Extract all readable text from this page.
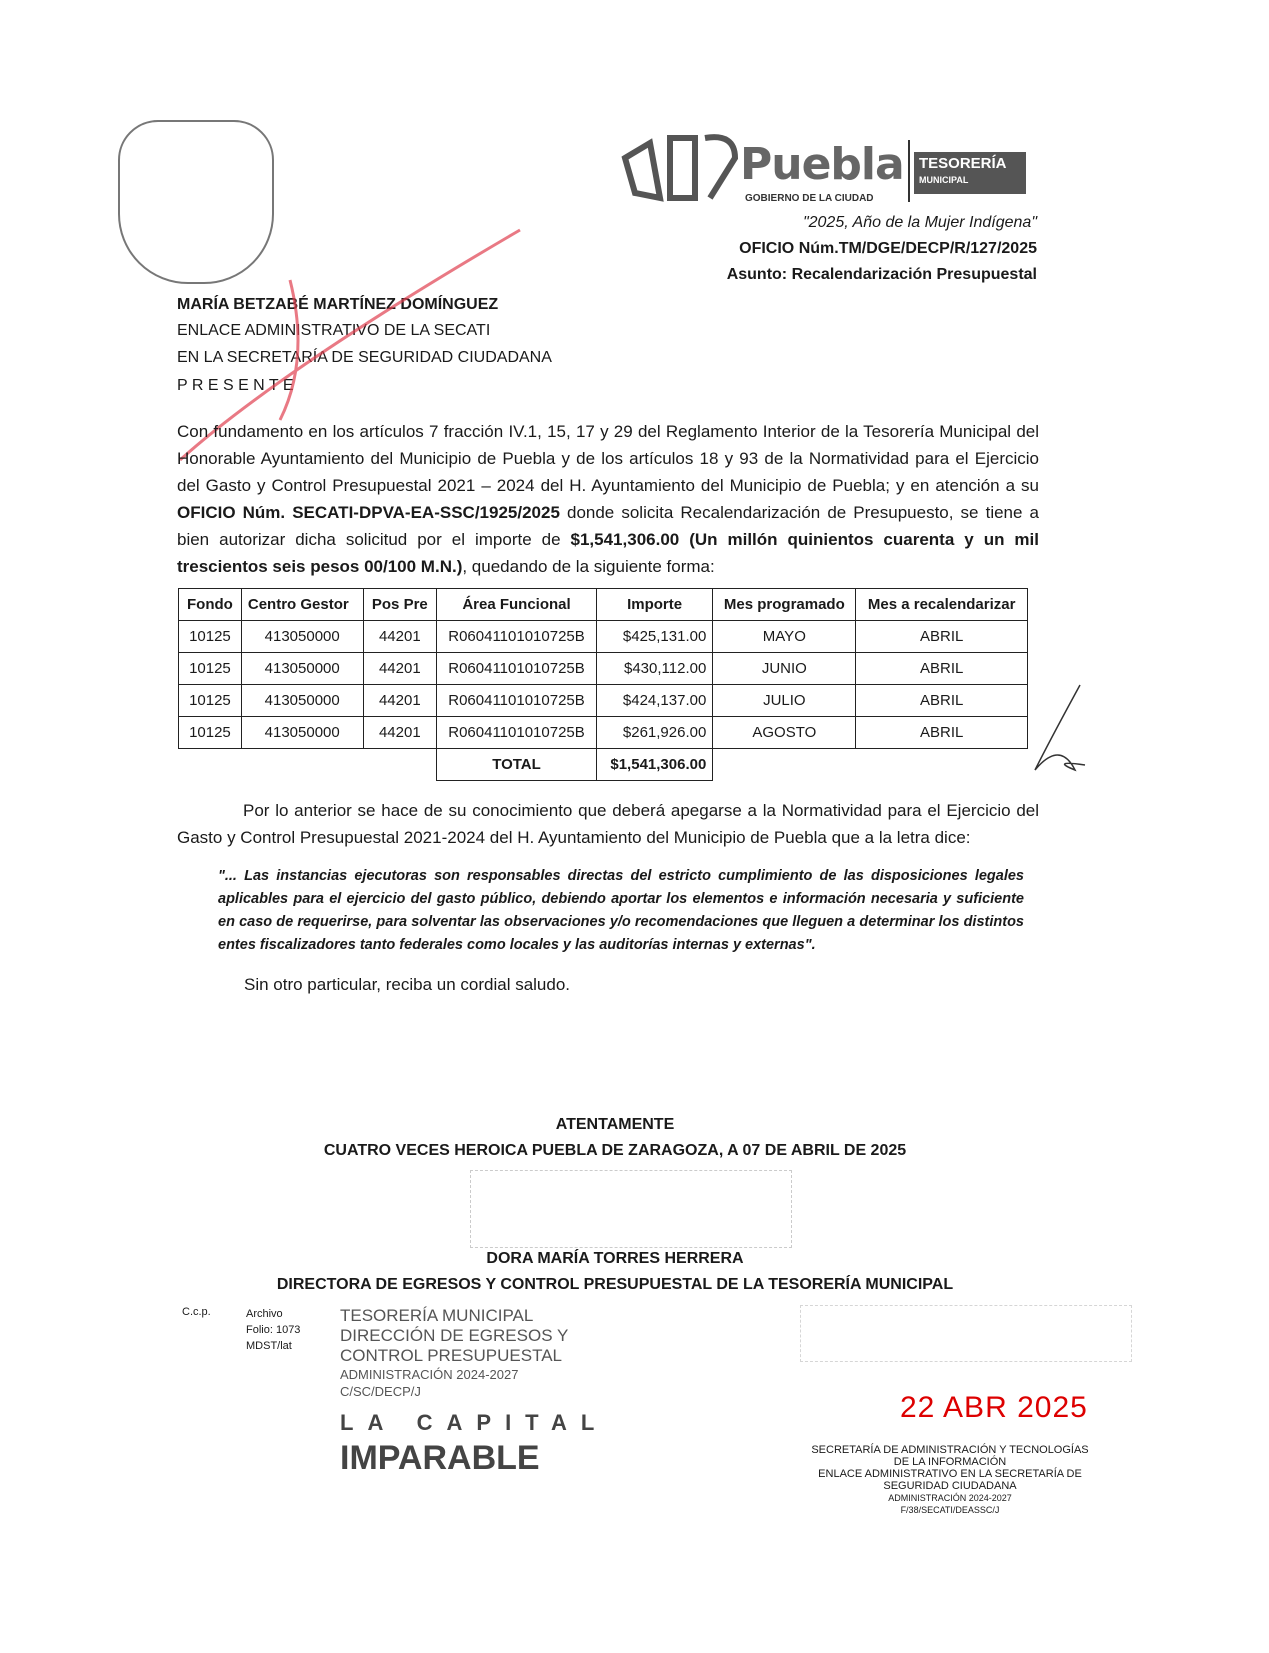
Puebla
GOBIERNO DE LA CIUDAD
TESORERÍA
MUNICIPAL
"2025, Año de la Mujer Indígena"
OFICIO Núm.TM/DGE/DECP/R/127/2025
Asunto: Recalendarización Presupuestal
MARÍA BETZABÉ MARTÍNEZ DOMÍNGUEZ
ENLACE ADMINISTRATIVO DE LA SECATI
EN LA SECRETARÍA DE SEGURIDAD CIUDADANA
P R E S E N T E
Con fundamento en los artículos 7 fracción IV.1, 15, 17 y 29 del Reglamento Interior de la Tesorería Municipal del Honorable Ayuntamiento del Municipio de Puebla y de los artículos 18 y 93 de la Normatividad para el Ejercicio del Gasto y Control Presupuestal 2021 – 2024 del H. Ayuntamiento del Municipio de Puebla; y en atención a su OFICIO Núm. SECATI-DPVA-EA-SSC/1925/2025 donde solicita Recalendarización de Presupuesto, se tiene a bien autorizar dicha solicitud por el importe de $1,541,306.00 (Un millón quinientos cuarenta y un mil trescientos seis pesos 00/100 M.N.), quedando de la siguiente forma:
Fondo	Centro Gestor	Pos Pre	Área Funcional	Importe	Mes programado	Mes a recalendarizar
10125	413050000	44201	R06041101010725B	$425,131.00	MAYO	ABRIL
10125	413050000	44201	R06041101010725B	$430,112.00	JUNIO	ABRIL
10125	413050000	44201	R06041101010725B	$424,137.00	JULIO	ABRIL
10125	413050000	44201	R06041101010725B	$261,926.00	AGOSTO	ABRIL
			TOTAL	$1,541,306.00		
Por lo anterior se hace de su conocimiento que deberá apegarse a la Normatividad para el Ejercicio del Gasto y Control Presupuestal 2021-2024 del H. Ayuntamiento del Municipio de Puebla que a la letra dice:
"... Las instancias ejecutoras son responsables directas del estricto cumplimiento de las disposiciones legales aplicables para el ejercicio del gasto público, debiendo aportar los elementos e información necesaria y suficiente en caso de requerirse, para solventar las observaciones y/o recomendaciones que lleguen a determinar los distintos entes fiscalizadores tanto federales como locales y las auditorías internas y externas".
Sin otro particular, reciba un cordial saludo.
ATENTAMENTE
CUATRO VECES HEROICA PUEBLA DE ZARAGOZA, A 07 DE ABRIL DE 2025
DORA MARÍA TORRES HERRERA
DIRECTORA DE EGRESOS Y CONTROL PRESUPUESTAL DE LA TESORERÍA MUNICIPAL
C.c.p.	Archivo
Folio: 1073
MDST/lat
TESORERÍA MUNICIPAL
DIRECCIÓN DE EGRESOS Y
CONTROL PRESUPUESTAL
ADMINISTRACIÓN 2024-2027
C/SC/DECP/J
LA CAPITAL
IMPARABLE
22 ABR 2025
SECRETARÍA DE ADMINISTRACIÓN Y TECNOLOGÍAS
DE LA INFORMACIÓN
ENLACE ADMINISTRATIVO EN LA SECRETARÍA DE
SEGURIDAD CIUDADANA
ADMINISTRACIÓN 2024-2027
F/38/SECATI/DEASSC/J
